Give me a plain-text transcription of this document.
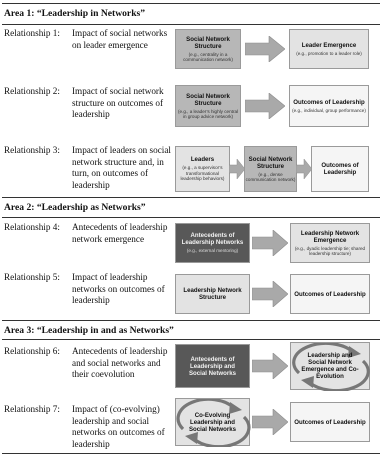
Area 1: “Leadership in Networks”
Area 2: “Leadership as Networks”
Area 3: “Leadership in and as Networks”
Relationship 1: Impact of social networks on leader emergence
Social Network Structure
(e.g., centrality in a communication network)
Leader Emergence
(e.g., promotion to a leader role)
Relationship 2: Impact of social network structure on outcomes of leadership
Social Network Structure
(e.g., a leader’s highly central in group advice network)
Outcomes of Leadership
(e.g., individual, group performance)
Relationship 3: Impact of leaders on social network structure and, in turn, on outcomes of leadership
Leaders
(e.g., a supervisor’s transformational leadership behaviors)
Social Network Structure
(e.g., dense communication network)
Outcomes of Leadership
Relationship 4: Antecedents of leadership network emergence	Antecedents of Leadership Networks
(e.g., external mentoring)
Leadership Network Emergence
(e.g., dyadic leadership tie; shared leadership structure)
Relationship 5: Impact of leadership networks on outcomes of leadership
Leadership Network Structure	Outcomes of Leadership
Relationship 6: Antecedents of leadership and social networks and their coevolution
Antecedents of Leadership and Social Networks
Leadership and Social Network Emergence and Co-Evolution
Relationship 7: Impact of (co-evolving) leadership and social networks on outcomes of leadership
Co-Evolving Leadership and Social Networks
Outcomes of Leadership
